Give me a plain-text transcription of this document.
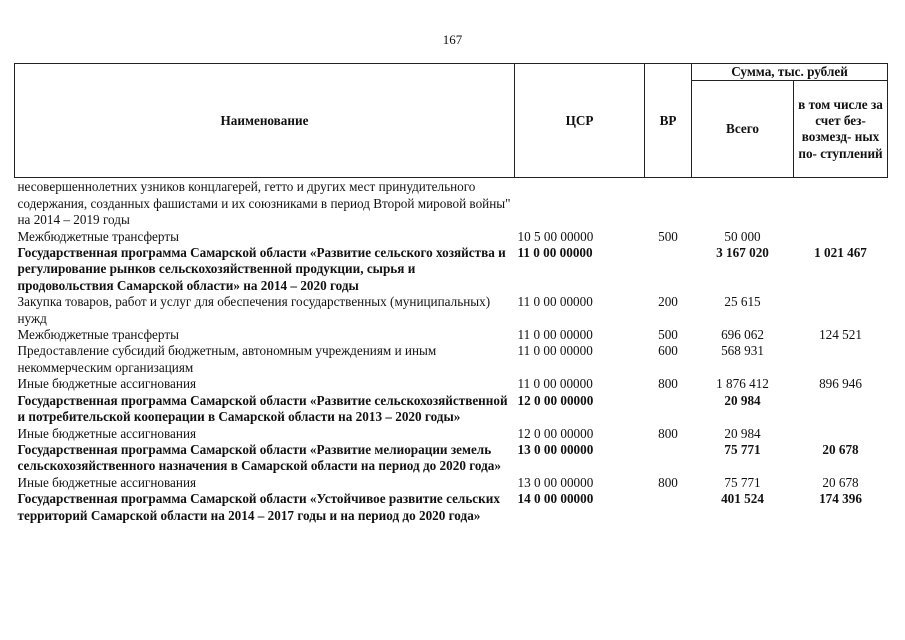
167
Наименование	ЦСР	ВР	Сумма, тыс. рублей	
			Всего	в том числе за счет без- возмезд- ных по- ступлений
несовершеннолетних узников концлагерей, гетто и других мест принудительного содержания, созданных фашистами и их союзниками в период Второй мировой войны" на 2014 – 2019 годы				
Межбюджетные трансферты	10 5 00 00000	500	50 000	
Государственная программа Самарской области «Развитие сельского хозяйства и регулирование рынков сельскохозяйственной продукции, сырья и продовольствия Самарской области» на 2014 – 2020 годы	11 0 00 00000		3 167 020	1 021 467
Закупка товаров, работ и услуг для обеспечения государственных (муниципальных) нужд	11 0 00 00000	200	25 615	
Межбюджетные трансферты	11 0 00 00000	500	696 062	124 521
Предоставление субсидий бюджетным, автономным учреждениям и иным некоммерческим организациям	11 0 00 00000	600	568 931	
Иные бюджетные ассигнования	11 0 00 00000	800	1 876 412	896 946
Государственная программа Самарской области «Развитие сельскохозяйственной и потребительской кооперации в Самарской области на 2013 – 2020 годы»	12 0 00 00000		20 984	
Иные бюджетные ассигнования	12 0 00 00000	800	20 984	
Государственная программа Самарской области «Развитие мелиорации земель сельскохозяйственного назначения в Самарской области на период до 2020 года»	13 0 00 00000		75 771	20 678
Иные бюджетные ассигнования	13 0 00 00000	800	75 771	20 678
Государственная программа Самарской области «Устойчивое развитие сельских территорий Самарской области на 2014 – 2017 годы и на период до 2020 года»	14 0 00 00000		401 524	174 396
